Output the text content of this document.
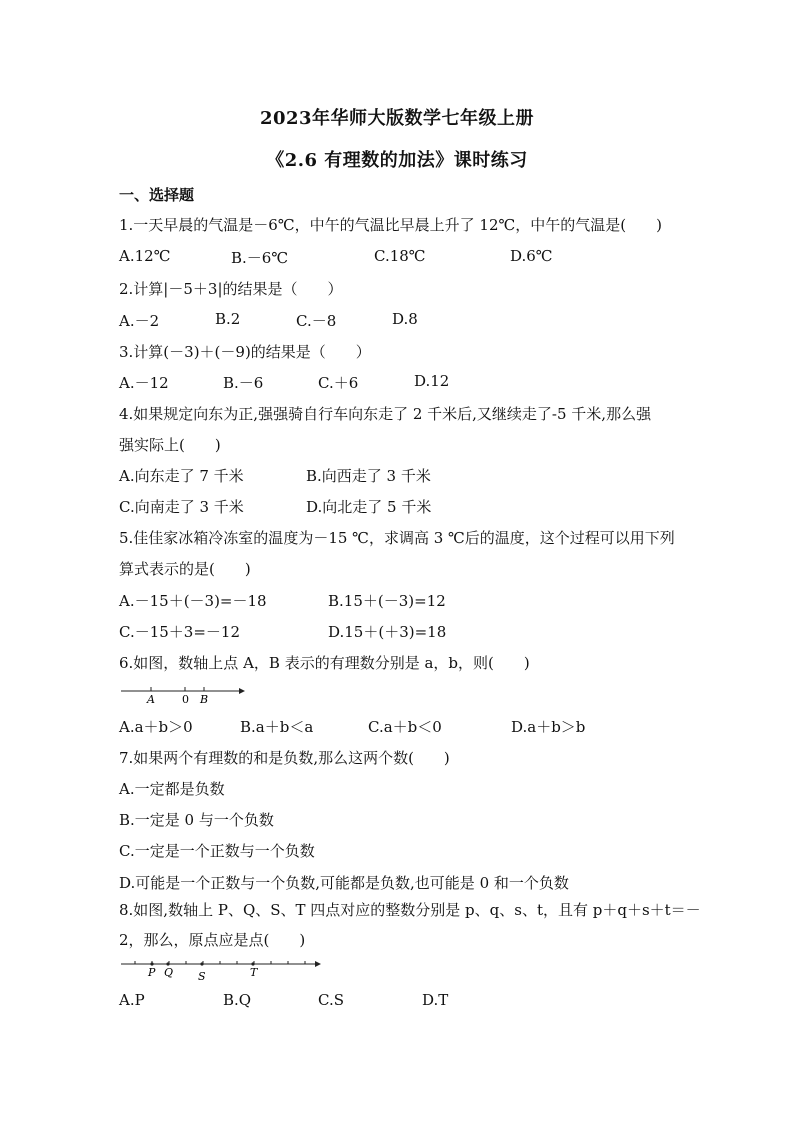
2023年华师大版数学七年级上册
《2.6 有理数的加法》课时练习
一、选择题
1.一天早晨的气温是－6℃，中午的气温比早晨上升了 12℃，中午的气温是(　　)
A.12℃	B.－6℃	C.18℃	D.6℃
2.计算|－5＋3|的结果是（　　）
A.－2	B.2	C.－8	D.8
3.计算(－3)＋(－9)的结果是（　　）
A.－12	B.－6	C.＋6	D.12
4.如果规定向东为正,强强骑自行车向东走了 2 千米后,又继续走了-5 千米,那么强
强实际上(　　)
A.向东走了 7 千米	B.向西走了 3 千米
C.向南走了 3 千米	D.向北走了 5 千米
5.佳佳家冰箱冷冻室的温度为－15 ℃，求调高 3 ℃后的温度，这个过程可以用下列
算式表示的是(　　)
A.－15＋(－3)=－18	B.15＋(－3)=12
C.－15＋3=－12	D.15＋(＋3)=18
6.如图，数轴上点 A，B 表示的有理数分别是 a，b，则(　　)
A 0 B
A.a＋b＞0	B.a＋b＜a	C.a＋b＜0	D.a＋b＞b
7.如果两个有理数的和是负数,那么这两个数(　　)
A.一定都是负数
B.一定是 0 与一个负数
C.一定是一个正数与一个负数
D.可能是一个正数与一个负数,可能都是负数,也可能是 0 和一个负数
8.如图,数轴上 P、Q、S、T 四点对应的整数分别是 p、q、s、t，且有 p＋q＋s＋t＝－
2，那么，原点应是点(　　)
P Q S	T
A.P	B.Q	C.S	D.T
